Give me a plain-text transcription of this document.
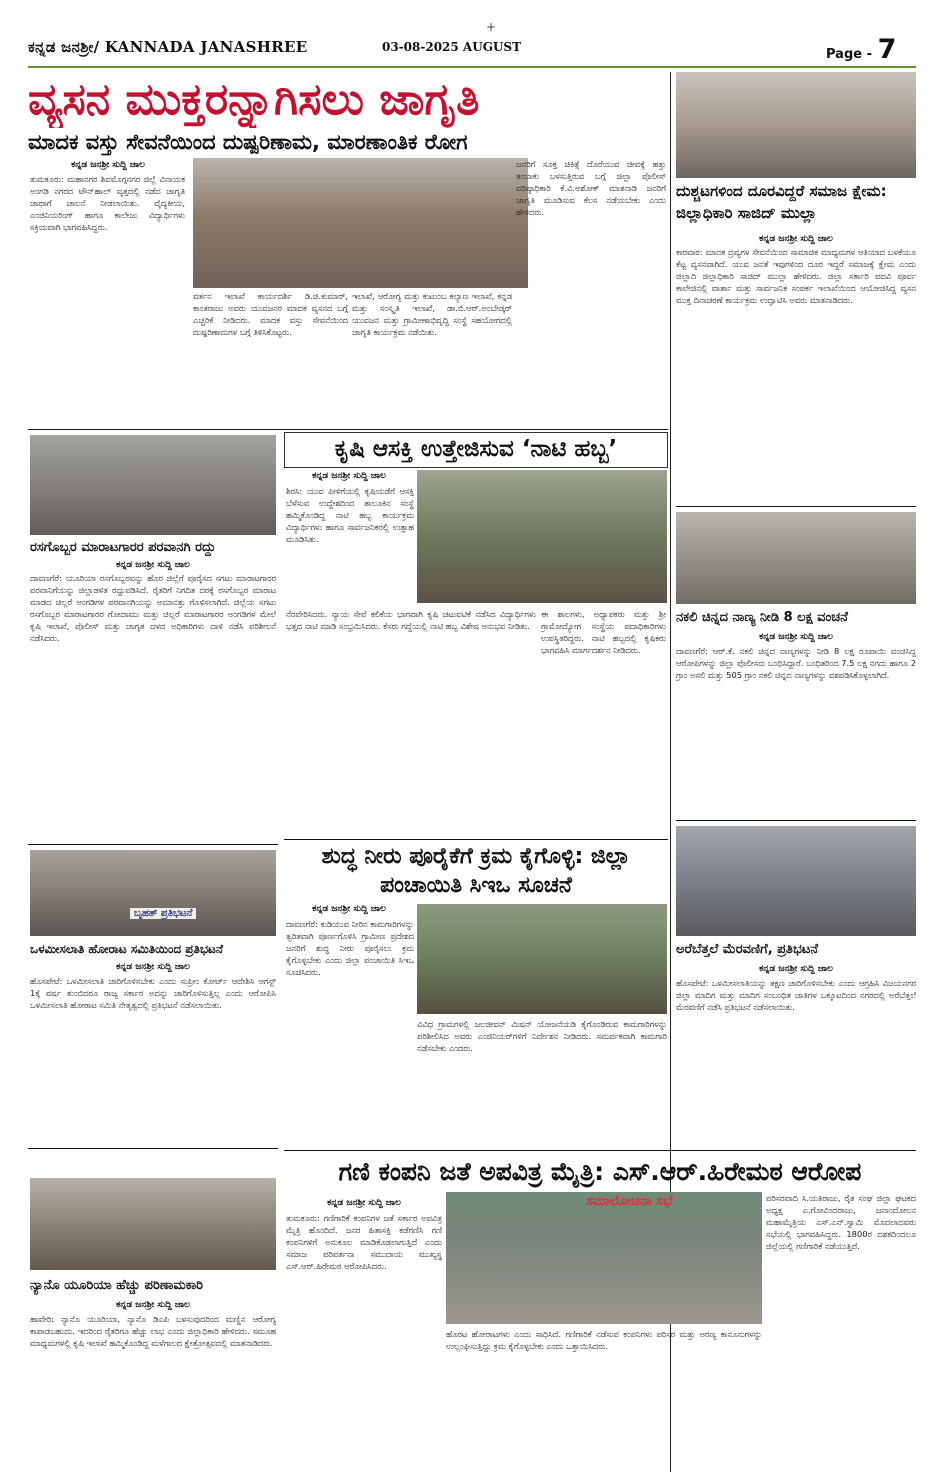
+
ಕನ್ನಡ ಜನಶ್ರೀ/ KANNADA JANASHREE	03-08-2025 AUGUST	Page - 7
ವ್ಯಸನ ಮುಕ್ತರನ್ನಾಗಿಸಲು ಜಾಗೃತಿ
ಮಾದಕ ವಸ್ತು ಸೇವನೆಯಿಂದ ದುಷ್ಪರಿಣಾಮ, ಮಾರಣಾಂತಿಕ ರೋಗ
ಕನ್ನಡ ಜನಶ್ರೀ ಸುದ್ದಿ ಜಾಲ
ತುಮಕೂರು: ಮಹಾನಗರ ಶಿವಮೊಗ್ಗನಗರ ಜಿಲ್ಲೆ ವಿನಾಯಕ ಅಂಗಡಿ ನಗರದ ಟೌನ್‌ಹಾಲ್ ವೃತ್ತದಲ್ಲಿ ನಡೆದ ಜಾಗೃತಿ ಜಾಥಾಗೆ ಚಾಲನೆ ನೀಡಲಾಯಿತು. ವೈದ್ಯಕೀಯ, ಎಂಜಿನಿಯರಿಂಗ್ ಹಾಗೂ ಕಾಲೇಜು ವಿದ್ಯಾರ್ಥಿಗಳು ಸಕ್ರಿಯವಾಗಿ ಭಾಗವಹಿಸಿದ್ದರು.
ವರ್ತನ ಇಲಾಖೆ ಕಾರ್ಯದರ್ಶಿ ಡಿ.ಜಿ.ಕುಮಾರ್, ಕಾಂತರಾಜು ಅವರು ಯುವಜನರ ಮಾದಕ ವ್ಯಸನದ ಬಗ್ಗೆ ಎಚ್ಚರಿಕೆ ನೀಡಿದರು. ಮಾದಕ ವಸ್ತು ಸೇವನೆಯಿಂದ ದುಷ್ಪರಿಣಾಮಗಳ ಬಗ್ಗೆ ತಿಳಿಸಿಕೊಟ್ಟರು.
ಇಲಾಖೆ, ಆರೋಗ್ಯ ಮತ್ತು ಕುಟುಂಬ ಕಲ್ಯಾಣ ಇಲಾಖೆ, ಕನ್ನಡ ಮತ್ತು ಸಂಸ್ಕೃತಿ ಇಲಾಖೆ, ಡಾ.ಬಿ.ಆರ್.ಅಂಬೇಡ್ಕರ್ ಯುವಜನ ಮತ್ತು ಗ್ರಾಮೀಣಾಭಿವೃದ್ಧಿ ಸಂಸ್ಥೆ ಸಹಯೋಗದಲ್ಲಿ ಜಾಗೃತಿ ಕಾರ್ಯಕ್ರಮ ನಡೆಯಿತು.
ಜನರಿಗೆ ಸೂಕ್ತ ಚಿಕಿತ್ಸೆ ದೊರೆಯುವ ಜೀವಕ್ಕೆ ಹತ್ತು ತಂಬಾಕು ಬಳಸುತ್ತಿರುವ ಬಗ್ಗೆ ಜಿಲ್ಲಾ ಪೊಲೀಸ್ ವರಿಷ್ಠಾಧಿಕಾರಿ ಕೆ.ವಿ.ಅಶೋಕ್ ಮಾತನಾಡಿ ಜನರಿಗೆ ಜಾಗೃತಿ ಮೂಡಿಸುವ ಕೆಲಸ ನಡೆಯಬೇಕು ಎಂದು ಹೇಳಿದರು.
ದುಶ್ಚಟಗಳಿಂದ ದೂರವಿದ್ದರೆ ಸಮಾಜ ಕ್ಷೇಮ: ಜಿಲ್ಲಾಧಿಕಾರಿ ಸಾಜಿದ್ ಮುಲ್ಲಾ
ಕನ್ನಡ ಜನಶ್ರೀ ಸುದ್ದಿ ಜಾಲ
ಕಾರವಾರ: ಮಾದಕ ದ್ರವ್ಯಗಳ ಸೇವನೆಯಿಂದ ಸಾಮಾಜಿಕ ಮಾಧ್ಯಮಗಳ ಆತಿಯಾದ ಬಳಕೆಯೂ ಕೆಟ್ಟ ವ್ಯಸನವಾಗಿದೆ. ಯುವ ಜನತೆ ಇವುಗಳಿಂದ ದೂರ ಇದ್ದರೆ ಸಮಾಜಕ್ಕೆ ಕ್ಷೇಮ ಎಂದು ಜಿಲ್ಲಾದಿ ಜಿಲ್ಲಾಧಿಕಾರಿ ಸಾಜಿದ್ ಮುಲ್ಲಾ ಹೇಳಿದರು. ಜಿಲ್ಲಾ ಸರ್ಕಾರಿ ಪದವಿ ಪೂರ್ವ ಕಾಲೇಜಿನಲ್ಲಿ ವಾರ್ತಾ ಮತ್ತು ಸಾರ್ವಜನಿಕ ಸಂಪರ್ಕ ಇಲಾಖೆಯಿಂದ ಆಯೋಜಿಸಿದ್ದ ವ್ಯಸನ ಮುಕ್ತ ದಿನಾಚರಣೆ ಕಾರ್ಯಕ್ರಮ ಉದ್ಘಾಟಿಸಿ ಅವರು ಮಾತನಾಡಿದರು.
ರಸಗೊಬ್ಬರ ಮಾರಾಟಗಾರರ ಪರವಾನಗಿ ರದ್ದು
ಕನ್ನಡ ಜನಶ್ರೀ ಸುದ್ದಿ ಜಾಲ
ದಾವಣಗೆರೆ: ಯೂರಿಯಾ ರಸಗೊಬ್ಬರವನ್ನು ಹೊರ ಜಿಲ್ಲೆಗೆ ಪೂರೈಸದ ಸಗಟು ಮಾರಾಟಗಾರರ ಪರವಾನಿಗೆಯನ್ನು ಜಿಲ್ಲಾಡಳಿತ ರದ್ದುಪಡಿಸಿದೆ. ರೈತರಿಗೆ ನಿಗದಿತ ದರಕ್ಕೆ ರಸಗೊಬ್ಬರ ಮಾರಾಟ ಮಾಡದ ಚಿಲ್ಲರೆ ಅಂಗಡಿಗಳ ಪರವಾನಗಿಯನ್ನು ಅಮಾನತ್ತು ಗೊಳಿಸಲಾಗಿದೆ. ಜಿಲ್ಲೆಯ ಸಗಟು ರಸಗೊಬ್ಬರ ಮಾರಾಟಗಾರರ ಗೋದಾಮು ಮತ್ತು ಚಿಲ್ಲರೆ ಮಾರಾಟಗಾರರ ಅಂಗಡಿಗಳ ಮೇಲೆ ಕೃಷಿ ಇಲಾಖೆ, ಪೊಲೀಸ್ ಮತ್ತು ಜಾಗೃತ ದಳದ ಅಧಿಕಾರಿಗಳು ದಾಳಿ ನಡೆಸಿ ಪರಿಶೀಲನೆ ನಡೆಸಿದರು.
ಕೃಷಿ ಆಸಕ್ತಿ ಉತ್ತೇಜಿಸುವ ‘ನಾಟಿ ಹಬ್ಬ’
ಕನ್ನಡ ಜನಶ್ರೀ ಸುದ್ದಿ ಜಾಲ
ಶಿರಸಿ: ಯುವ ಪೀಳಿಗೆಯಲ್ಲಿ ಕೃಷಿಯಡೆಗೆ ಆಸಕ್ತಿ ಬೆಳೆಸುವ ಉದ್ದೇಶದಿಂದ ತಾಲೂಕಿನ ಸಂಸ್ಥೆ ಹಮ್ಮಿಕೊಂಡಿದ್ದ ನಾಟಿ ಹಬ್ಬ ಕಾರ್ಯಕ್ರಮ ವಿದ್ಯಾರ್ಥಿಗಳು ಹಾಗೂ ಸಾರ್ವಜನಿಕರಲ್ಲಿ ಉತ್ಸಾಹ ಮೂಡಿಸಿತು.
ನೆರವೇರಿಸಿದರು. ನ್ಯಾಯ ಸೇವೆ ಕಲಿಕೆಯ ಭಾಗವಾಗಿ ಕೃಷಿ ಚಟುವಟಿಕೆ ನಡೆಸಿದ ವಿದ್ಯಾರ್ಥಿಗಳು ಭತ್ತದ ನಾಟಿ ಮಾಡಿ ಸಂಭ್ರಮಿಸಿದರು. ಕೆಸರು ಗದ್ದೆಯಲ್ಲಿ ನಾಟಿ ಹಬ್ಬ ವಿಶೇಷ ಅನುಭವ ನೀಡಿತು.
ಈ ಶಾಲಗಳು, ಅಧ್ಯಾಪಕರು ಮತ್ತು ಶ್ರೀ ಗ್ರಾಮೋದ್ಯೋಗ ಸಂಸ್ಥೆಯ ಪದಾಧಿಕಾರಿಗಳು ಉಪಸ್ಥಿತರಿದ್ದರು. ನಾಟಿ ಹಬ್ಬದಲ್ಲಿ ಕೃಷಿಕರು ಭಾಗವಹಿಸಿ ಮಾರ್ಗದರ್ಶನ ನೀಡಿದರು.
ನಕಲಿ ಚಿನ್ನದ ನಾಣ್ಯ ನೀಡಿ 8 ಲಕ್ಷ ವಂಚನೆ
ಕನ್ನಡ ಜನಶ್ರೀ ಸುದ್ದಿ ಜಾಲ
ದಾವಣಗೆರೆ: ಆರ್.ಕೆ. ನಕಲಿ ಚಿನ್ನದ ನಾಣ್ಯಗಳನ್ನು ನೀಡಿ 8 ಲಕ್ಷ ರೂಪಾಯಿ ವಂಚಿಸಿದ್ದ ಆರೋಪಿಗಳನ್ನು ಜಿಲ್ಲಾ ಪೊಲೀಸರು ಬಂಧಿಸಿದ್ದಾರೆ. ಬಂಧಿತರಿಂದ 7.5 ಲಕ್ಷ ನಗದು ಹಾಗೂ 2 ಗ್ರಾಂ ಅಸಲಿ ಮತ್ತು 505 ಗ್ರಾಂ ನಕಲಿ ಚಿನ್ನದ ನಾಣ್ಯಗಳನ್ನು ವಶಪಡಿಸಿಕೊಳ್ಳಲಾಗಿದೆ.
ಶುದ್ಧ ನೀರು ಪೂರೈಕೆಗೆ ಕ್ರಮ ಕೈಗೊಳ್ಳಿ: ಜಿಲ್ಲಾ ಪಂಚಾಯಿತಿ ಸಿಇಒ ಸೂಚನೆ
ಕನ್ನಡ ಜನಶ್ರೀ ಸುದ್ದಿ ಜಾಲ
ದಾವಣಗೆರೆ: ಕುಡಿಯುವ ನೀರಿನ ಕಾಮಗಾರಿಗಳನ್ನು ತ್ವರಿತವಾಗಿ ಪೂರ್ಣಗೊಳಿಸಿ ಗ್ರಾಮೀಣ ಪ್ರದೇಶದ ಜನರಿಗೆ ಶುದ್ಧ ನೀರು ಪೂರೈಸಲು ಕ್ರಮ ಕೈಗೊಳ್ಳಬೇಕು ಎಂದು ಜಿಲ್ಲಾ ಪಂಚಾಯಿತಿ ಸಿಇಒ ಸೂಚಿಸಿದರು.
ವಿವಿಧ ಗ್ರಾಮಗಳಲ್ಲಿ ಜಲಜೀವನ್ ಮಿಷನ್ ಯೋಜನೆಯಡಿ ಕೈಗೊಂಡಿರುವ ಕಾಮಗಾರಿಗಳನ್ನು ಪರಿಶೀಲಿಸಿದ ಅವರು ಎಂಜಿನಿಯರ್‌ಗಳಿಗೆ ನಿರ್ದೇಶನ ನೀಡಿದರು. ಸಮರ್ಪಕವಾಗಿ ಕಾಮಗಾರಿ ನಡೆಸಬೇಕು ಎಂದರು.
ಬೃಹತ್ ಪ್ರತಿಭಟನೆ
ಒಳಮೀಸಲಾತಿ ಹೋರಾಟ ಸಮಿತಿಯಿಂದ ಪ್ರತಿಭಟನೆ
ಕನ್ನಡ ಜನಶ್ರೀ ಸುದ್ದಿ ಜಾಲ
ಹೊಸಪೇಟೆ: ಒಳಮೀಸಲಾತಿ ಜಾರಿಗೊಳಿಸಬೇಕು ಎಂದು ಸುಪ್ರೀಂ ಕೋರ್ಟ್ ಆದೇಶಿಸಿ ಆಗಸ್ಟ್ 1ಕ್ಕೆ ವರ್ಷ ತುಂಬಿದರೂ ರಾಜ್ಯ ಸರ್ಕಾರ ಅದನ್ನು ಜಾರಿಗೊಳಿಸುತ್ತಿಲ್ಲ ಎಂದು ಆರೋಪಿಸಿ ಒಳಮೀಸಲಾತಿ ಹೋರಾಟ ಸಮಿತಿ ನೇತೃತ್ವದಲ್ಲಿ ಪ್ರತಿಭಟನೆ ನಡೆಸಲಾಯಿತು.
ಅರೆಬೆತ್ತಲೆ ಮೆರವಣಿಗೆ, ಪ್ರತಿಭಟನೆ
ಕನ್ನಡ ಜನಶ್ರೀ ಸುದ್ದಿ ಜಾಲ
ಹೊಸಪೇಟೆ: ಒಳಮೀಸಲಾತಿಯನ್ನು ತಕ್ಷಣ ಜಾರಿಗೊಳಿಸಬೇಕು ಎಂದು ಆಗ್ರಹಿಸಿ ವಿಜಯನಗರ ಜಿಲ್ಲಾ ಮಾದಿಗ ಮತ್ತು ಮಾದಿಗ ಸಂಬಂಧಿತ ಜಾತಿಗಳ ಒಕ್ಕೂಟದಿಂದ ನಗರದಲ್ಲಿ ಅರೆಬೆತ್ತಲೆ ಮೆರವಣಿಗೆ ನಡೆಸಿ ಪ್ರತಿಭಟನೆ ನಡೆಸಲಾಯಿತು.
ನ್ಯಾನೊ ಯೂರಿಯಾ ಹೆಚ್ಚು ಪರಿಣಾಮಕಾರಿ
ಕನ್ನಡ ಜನಶ್ರೀ ಸುದ್ದಿ ಜಾಲ
ಹಾವೇರಿ: ನ್ಯಾನೊ ಯೂರಿಯಾ, ನ್ಯಾನೊ ಡಿಎಪಿ ಬಳಸುವುದರಿಂದ ಮಣ್ಣಿನ ಆರೋಗ್ಯ ಕಾಪಾಡಬಹುದು. ಇದರಿಂದ ರೈತರಿಗೂ ಹೆಚ್ಚು ಲಾಭ ಎಂದು ಜಿಲ್ಲಾಧಿಕಾರಿ ಹೇಳಿದರು. ಸಮೂಹ ಮಾಧ್ಯಮಗಳಲ್ಲಿ ಕೃಷಿ ಇಲಾಖೆ ಹಮ್ಮಿಕೊಂಡಿದ್ದ ಮಳೆಗಾಲದ ಕ್ಷೇತ್ರೋತ್ಸವದಲ್ಲಿ ಮಾತನಾಡಿದರು.
ಗಣಿ ಕಂಪನಿ ಜತೆ ಅಪವಿತ್ರ ಮೈತ್ರಿ: ಎಸ್.ಆರ್.ಹಿರೇಮಠ ಆರೋಪ
ಕನ್ನಡ ಜನಶ್ರೀ ಸುದ್ದಿ ಜಾಲ
ತುಮಕೂರು: ಗಣಿಗಾರಿಕೆ ಕಂಪನಿಗಳ ಜತೆ ಸರ್ಕಾರ ಅಪವಿತ್ರ ಮೈತ್ರಿ ಹೊಂದಿದೆ. ಜನರ ಹಿತಾಸಕ್ತಿ ಕಡೆಗಣಿಸಿ ಗಣಿ ಕಂಪನಿಗಳಿಗೆ ಅನುಕೂಲ ಮಾಡಿಕೊಡಲಾಗುತ್ತಿದೆ ಎಂದು ಸಮಾಜ ಪರಿವರ್ತನಾ ಸಮುದಾಯ ಮುಖ್ಯಸ್ಥ ಎಸ್.ಆರ್.ಹಿರೇಮಠ ಆರೋಪಿಸಿದರು.
ಸಮಾಲೋಚನಾ ಸಭೆ	ಪರಿಸರವಾದಿ ಸಿ.ಯತಿರಾಜು, ರೈತ ಸಂಘ ಜಿಲ್ಲಾ ಘಟಕದ ಅಧ್ಯಕ್ಷ ಎ.ಗೋವಿಂದರಾಜು, ಜನಾಂದೋಲನ ಮಹಾಮೈತ್ರಿಯ ಎಸ್.ಎನ್.ಸ್ವಾಮಿ ಮೊದಲಾದವರು ಸಭೆಯಲ್ಲಿ ಭಾಗವಹಿಸಿದ್ದರು. 1800ರ ದಶಕದಿಂದಲೂ ಜಿಲ್ಲೆಯಲ್ಲಿ ಗಣಿಗಾರಿಕೆ ನಡೆಯುತ್ತಿದೆ.
ಹೊರಟ ಹೋರಾಟಗಳು ಎಂದು ಸಾಧಿಸಿದೆ. ಗಣಿಗಾರಿಕೆ ನಡೆಸುವ ಕಂಪನಿಗಳು ಪರಿಸರ ಮತ್ತು ಅರಣ್ಯ ಕಾನೂನುಗಳನ್ನು ಉಲ್ಲಂಘಿಸುತ್ತಿದ್ದು ಕ್ರಮ ಕೈಗೊಳ್ಳಬೇಕು ಎಂದು ಒತ್ತಾಯಿಸಿದರು.
